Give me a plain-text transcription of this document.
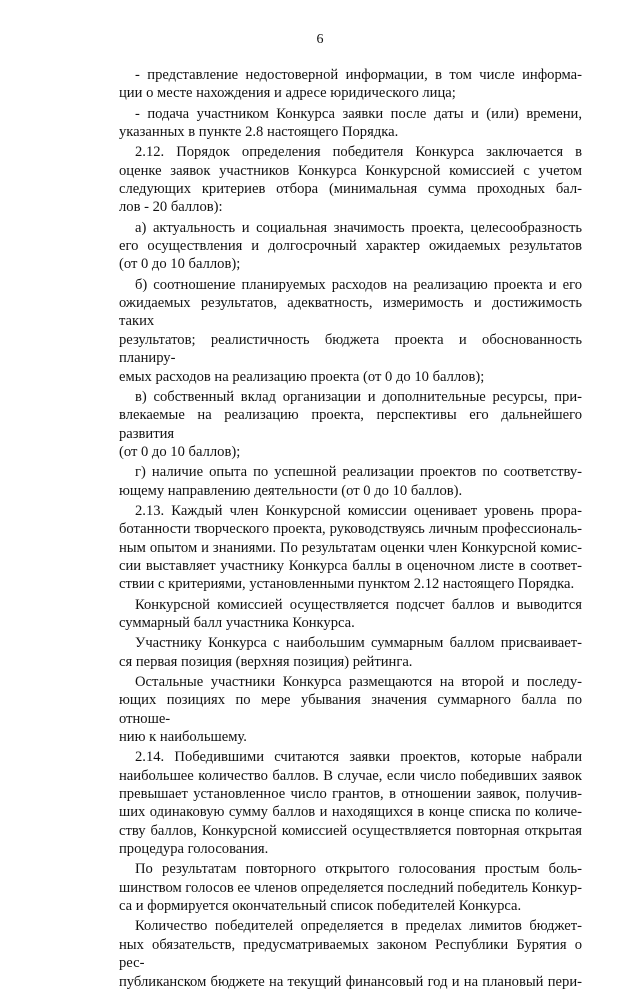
6
- представление недостоверной информации, в том числе информа-
ции о месте нахождения и адресе юридического лица;
- подача участником Конкурса заявки после даты и (или) времени,
указанных в пункте 2.8 настоящего Порядка.
2.12. Порядок определения победителя Конкурса заключается в
оценке заявок участников Конкурса Конкурсной комиссией с учетом
следующих критериев отбора (минимальная сумма проходных бал-
лов - 20 баллов):
а) актуальность и социальная значимость проекта, целесообразность
его осуществления и долгосрочный характер ожидаемых результатов
(от 0 до 10 баллов);
б) соотношение планируемых расходов на реализацию проекта и его
ожидаемых результатов, адекватность, измеримость и достижимость таких
результатов; реалистичность бюджета проекта и обоснованность планиру-
емых расходов на реализацию проекта (от 0 до 10 баллов);
в) собственный вклад организации и дополнительные ресурсы, при-
влекаемые на реализацию проекта, перспективы его дальнейшего развития
(от 0 до 10 баллов);
г) наличие опыта по успешной реализации проектов по соответству-
ющему направлению деятельности (от 0 до 10 баллов).
2.13. Каждый член Конкурсной комиссии оценивает уровень прора-
ботанности творческого проекта, руководствуясь личным профессиональ-
ным опытом и знаниями. По результатам оценки член Конкурсной комис-
сии выставляет участнику Конкурса баллы в оценочном листе в соответ-
ствии с критериями, установленными пунктом 2.12 настоящего Порядка.
Конкурсной комиссией осуществляется подсчет баллов и выводится
суммарный балл участника Конкурса.
Участнику Конкурса с наибольшим суммарным баллом присваивает-
ся первая позиция (верхняя позиция) рейтинга.
Остальные участники Конкурса размещаются на второй и последу-
ющих позициях по мере убывания значения суммарного балла по отноше-
нию к наибольшему.
2.14. Победившими считаются заявки проектов, которые набрали
наибольшее количество баллов. В случае, если число победивших заявок
превышает установленное число грантов, в отношении заявок, получив-
ших одинаковую сумму баллов и находящихся в конце списка по количе-
ству баллов, Конкурсной комиссией осуществляется повторная открытая
процедура голосования.
По результатам повторного открытого голосования простым боль-
шинством голосов ее членов определяется последний победитель Конкур-
са и формируется окончательный список победителей Конкурса.
Количество победителей определяется в пределах лимитов бюджет-
ных обязательств, предусматриваемых законом Республики Бурятия о рес-
публиканском бюджете на текущий финансовый год и на плановый пери-
